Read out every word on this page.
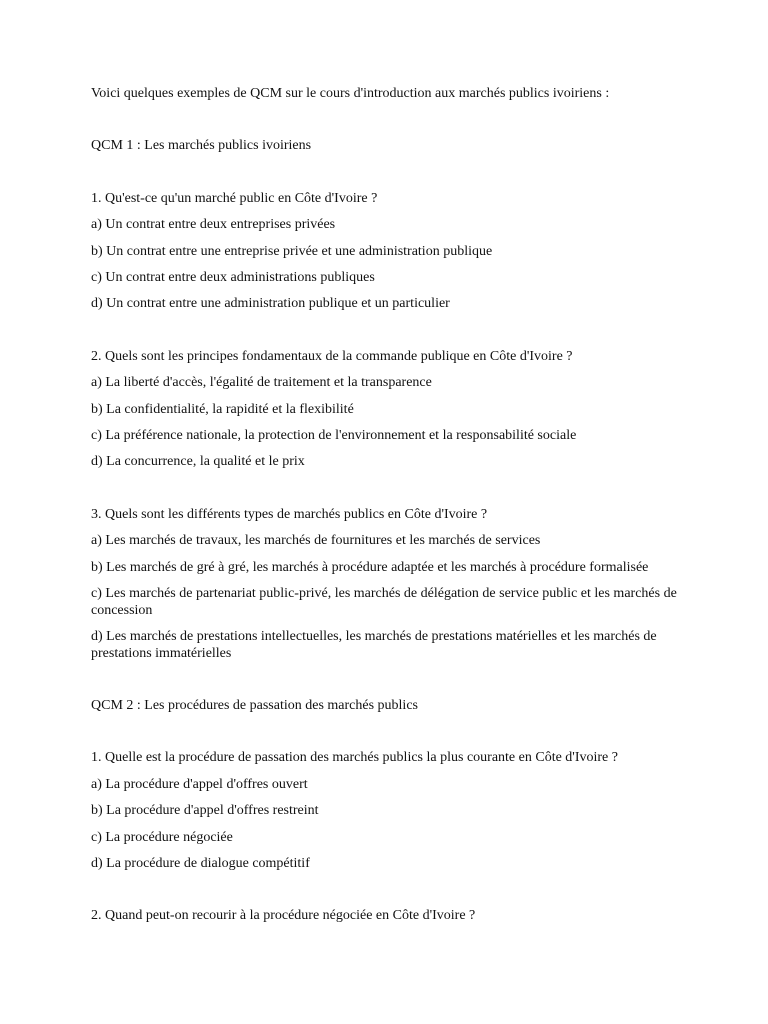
Voici quelques exemples de QCM sur le cours d'introduction aux marchés publics ivoiriens :

QCM 1 : Les marchés publics ivoiriens

1. Qu'est-ce qu'un marché public en Côte d'Ivoire ?

a) Un contrat entre deux entreprises privées

b) Un contrat entre une entreprise privée et une administration publique

c) Un contrat entre deux administrations publiques

d) Un contrat entre une administration publique et un particulier

2. Quels sont les principes fondamentaux de la commande publique en Côte d'Ivoire ?

a) La liberté d'accès, l'égalité de traitement et la transparence

b) La confidentialité, la rapidité et la flexibilité

c) La préférence nationale, la protection de l'environnement et la responsabilité sociale

d) La concurrence, la qualité et le prix

3. Quels sont les différents types de marchés publics en Côte d'Ivoire ?

a) Les marchés de travaux, les marchés de fournitures et les marchés de services

b) Les marchés de gré à gré, les marchés à procédure adaptée et les marchés à procédure formalisée

c) Les marchés de partenariat public-privé, les marchés de délégation de service public et les marchés de concession

d) Les marchés de prestations intellectuelles, les marchés de prestations matérielles et les marchés de prestations immatérielles

QCM 2 : Les procédures de passation des marchés publics

1. Quelle est la procédure de passation des marchés publics la plus courante en Côte d'Ivoire ?

a) La procédure d'appel d'offres ouvert

b) La procédure d'appel d'offres restreint

c) La procédure négociée

d) La procédure de dialogue compétitif

2. Quand peut-on recourir à la procédure négociée en Côte d'Ivoire ?
